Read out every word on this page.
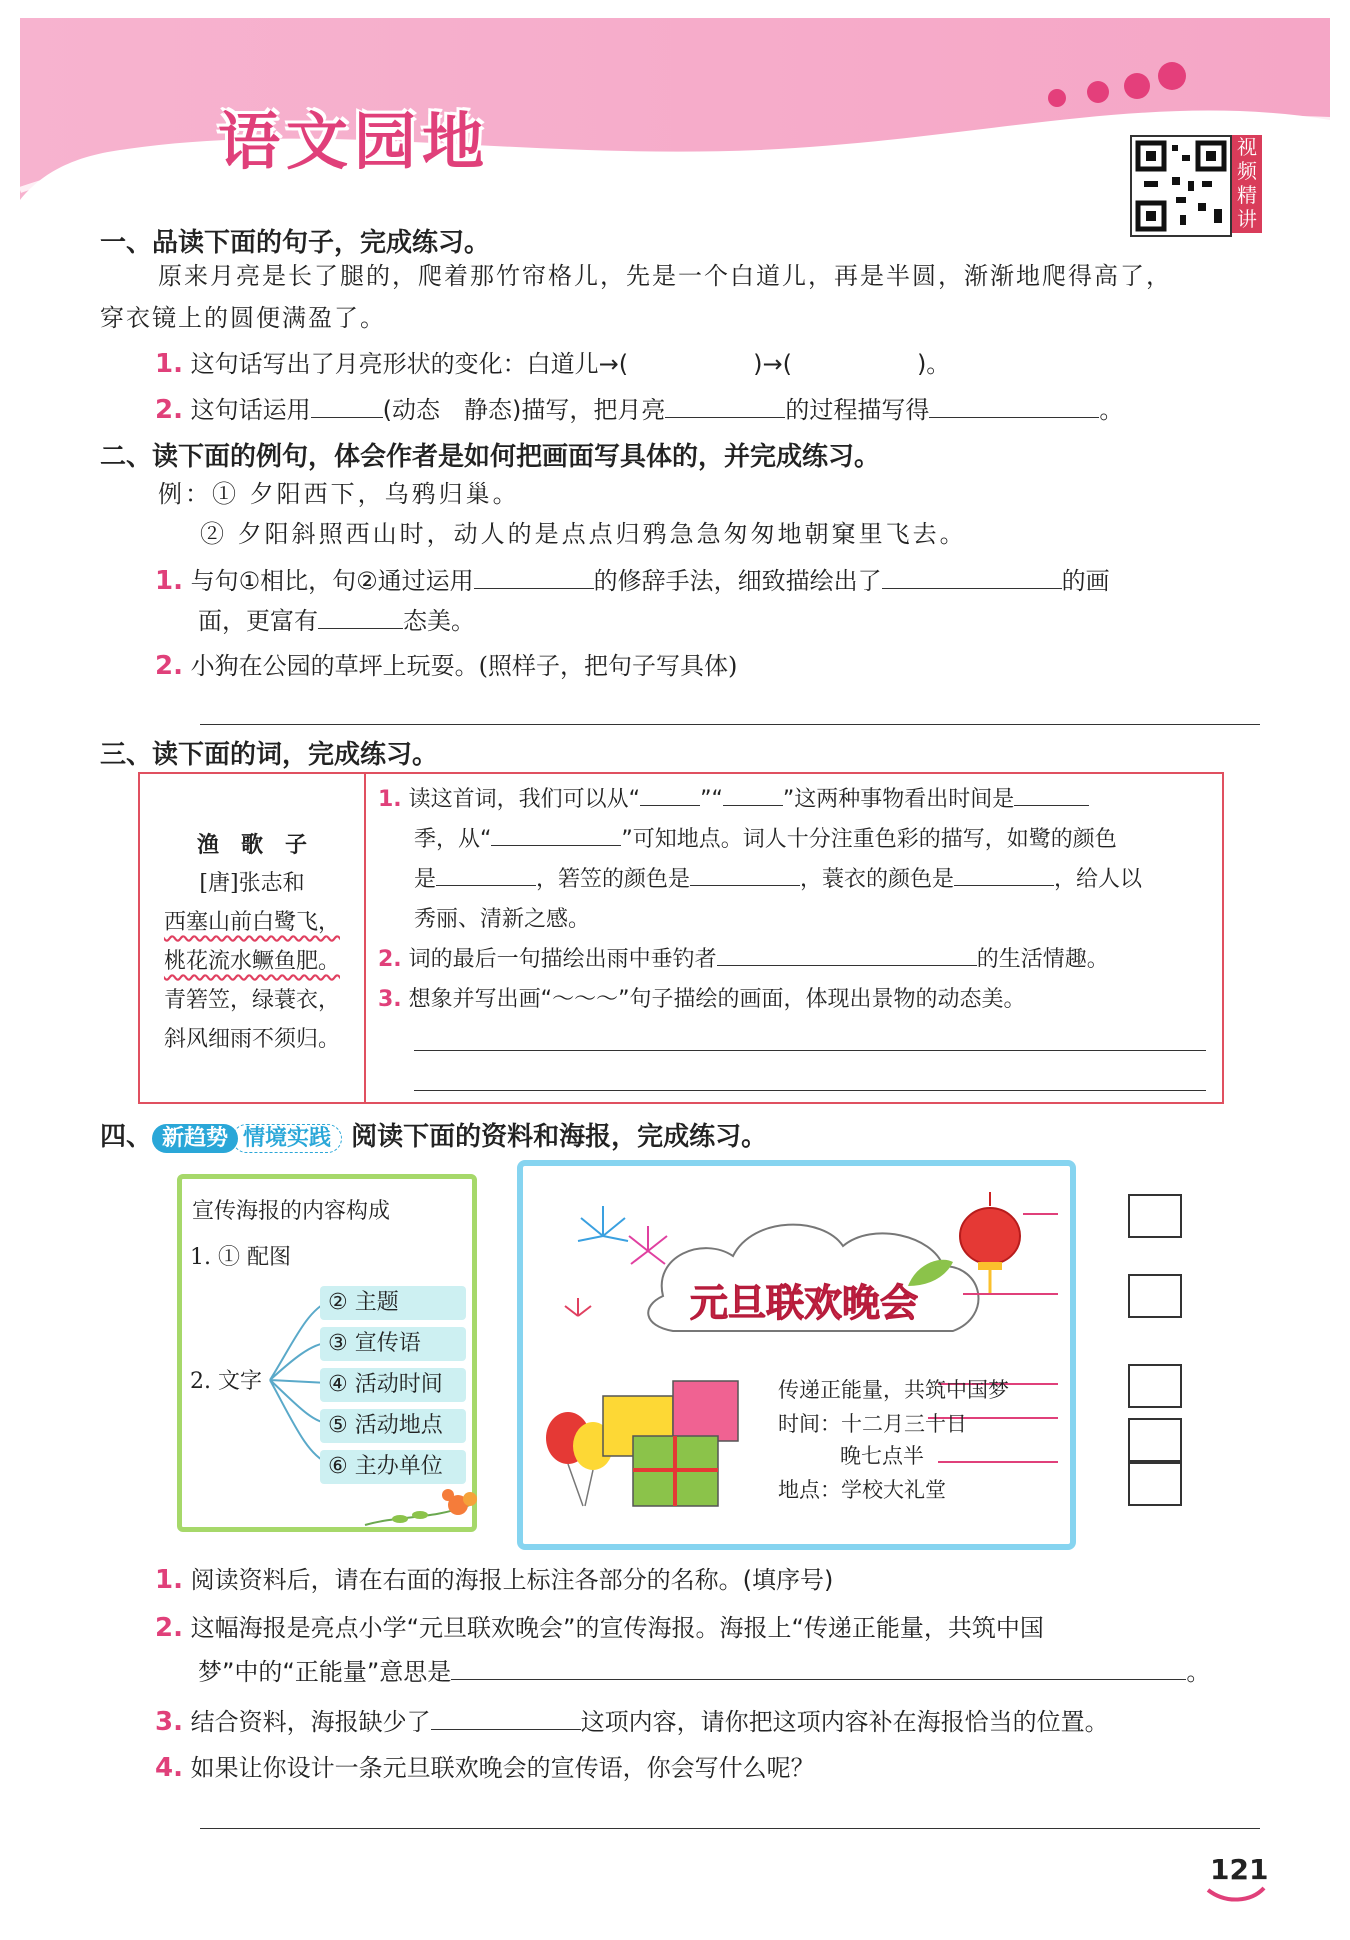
语文园地	视频精讲
一、品读下面的句子，完成练习。
原来月亮是长了腿的，爬着那竹帘格儿，先是一个白道儿，再是半圆，渐渐地爬得高了，
穿衣镜上的圆便满盈了。
1. 这句话写出了月亮形状的变化：白道儿→(	)→(	)。
2. 这句话运用	(动态　静态)描写，把月亮	的过程描写得	。
二、读下面的例句，体会作者是如何把画面写具体的，并完成练习。
例：① 夕阳西下，乌鸦归巢。
② 夕阳斜照西山时，动人的是点点归鸦急急匆匆地朝窠里飞去。
1. 与句①相比，句②通过运用	的修辞手法，细致描绘出了	的画
面，更富有	态美。
2. 小狗在公园的草坪上玩耍。(照样子，把句子写具体)
三、读下面的词，完成练习。
渔　歌　子
[唐]张志和
西塞山前白鹭飞，
桃花流水鳜鱼肥。
青箬笠，绿蓑衣，
斜风细雨不须归。
1. 读这首词，我们可以从“	”“	”这两种事物看出时间是
季，从“	”可知地点。词人十分注重色彩的描写，如鹭的颜色
是	，箬笠的颜色是	，蓑衣的颜色是	，给人以
秀丽、清新之感。
2. 词的最后一句描绘出雨中垂钓者	的生活情趣。
3. 想象并写出画“～～～”句子描绘的画面，体现出景物的动态美。
四、 新趋势 情境实践 阅读下面的资料和海报，完成练习。
宣传海报的内容构成
1. ① 配图
2. 文字
② 主题
③ 宣传语
④ 活动时间
⑤ 活动地点
⑥ 主办单位
元旦联欢晚会
传递正能量，共筑中国梦
时间：十二月三十日
晚七点半
地点：学校大礼堂
1. 阅读资料后，请在右面的海报上标注各部分的名称。(填序号)
2. 这幅海报是亮点小学“元旦联欢晚会”的宣传海报。海报上“传递正能量，共筑中国
梦”中的“正能量”意思是	。
3. 结合资料，海报缺少了	这项内容，请你把这项内容补在海报恰当的位置。
4. 如果让你设计一条元旦联欢晚会的宣传语，你会写什么呢？
121
